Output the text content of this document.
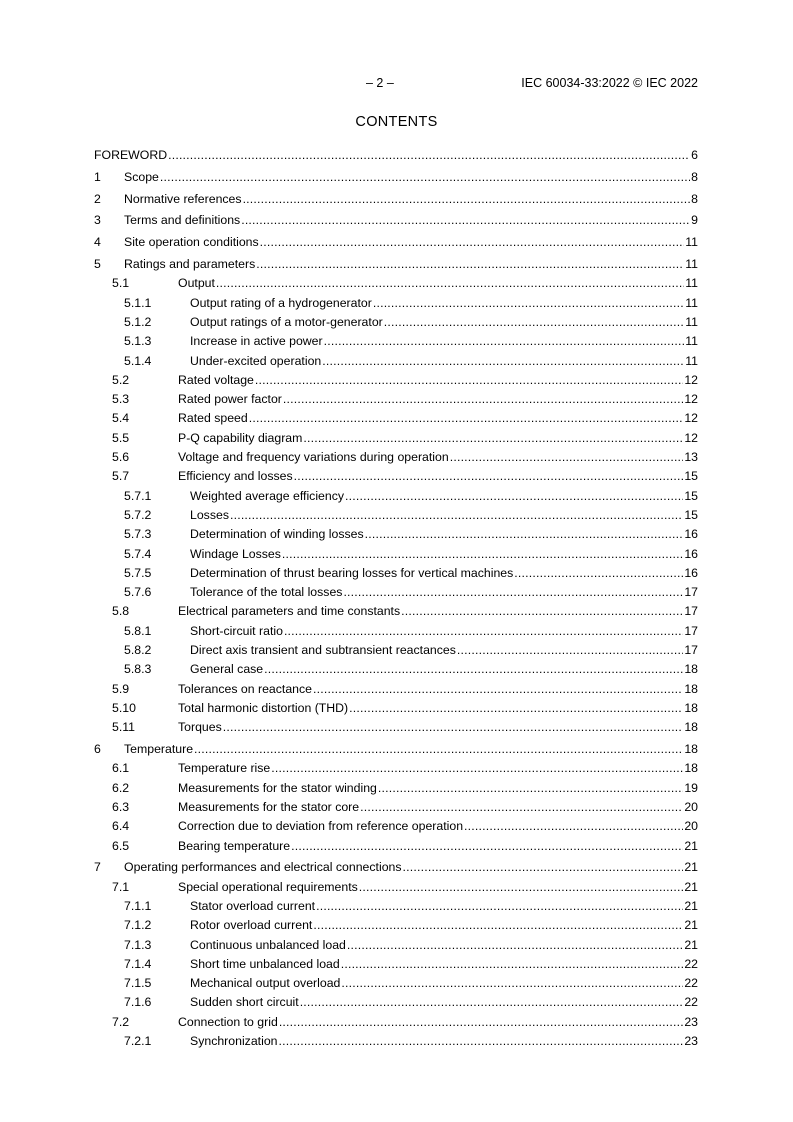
– 2 –	IEC 60034-33:2022 © IEC 2022
CONTENTS
FOREWORD .....	6
1	Scope .....	8
2	Normative references .....	8
3	Terms and definitions .....	9
4	Site operation conditions .....	11
5	Ratings and parameters .....	11
5.1	Output .....	11
5.1.1	Output rating of a hydrogenerator .....	11
5.1.2	Output ratings of a motor-generator .....	11
5.1.3	Increase in active power .....	11
5.1.4	Under-excited operation .....	11
5.2	Rated voltage .....	12
5.3	Rated power factor .....	12
5.4	Rated speed .....	12
5.5	P-Q capability diagram .....	12
5.6	Voltage and frequency variations during operation .....	13
5.7	Efficiency and losses .....	15
5.7.1	Weighted average efficiency .....	15
5.7.2	Losses .....	15
5.7.3	Determination of winding losses .....	16
5.7.4	Windage Losses .....	16
5.7.5	Determination of thrust bearing losses for vertical machines .....	16
5.7.6	Tolerance of the total losses .....	17
5.8	Electrical parameters and time constants .....	17
5.8.1	Short-circuit ratio .....	17
5.8.2	Direct axis transient and subtransient reactances .....	17
5.8.3	General case .....	18
5.9	Tolerances on reactance .....	18
5.10	Total harmonic distortion (THD) .....	18
5.11	Torques .....	18
6	Temperature .....	18
6.1	Temperature rise .....	18
6.2	Measurements for the stator winding .....	19
6.3	Measurements for the stator core .....	20
6.4	Correction due to deviation from reference operation .....	20
6.5	Bearing temperature .....	21
7	Operating performances and electrical connections .....	21
7.1	Special operational requirements .....	21
7.1.1	Stator overload current .....	21
7.1.2	Rotor overload current .....	21
7.1.3	Continuous unbalanced load .....	21
7.1.4	Short time unbalanced load .....	22
7.1.5	Mechanical output overload .....	22
7.1.6	Sudden short circuit .....	22
7.2	Connection to grid .....	23
7.2.1	Synchronization .....	23
